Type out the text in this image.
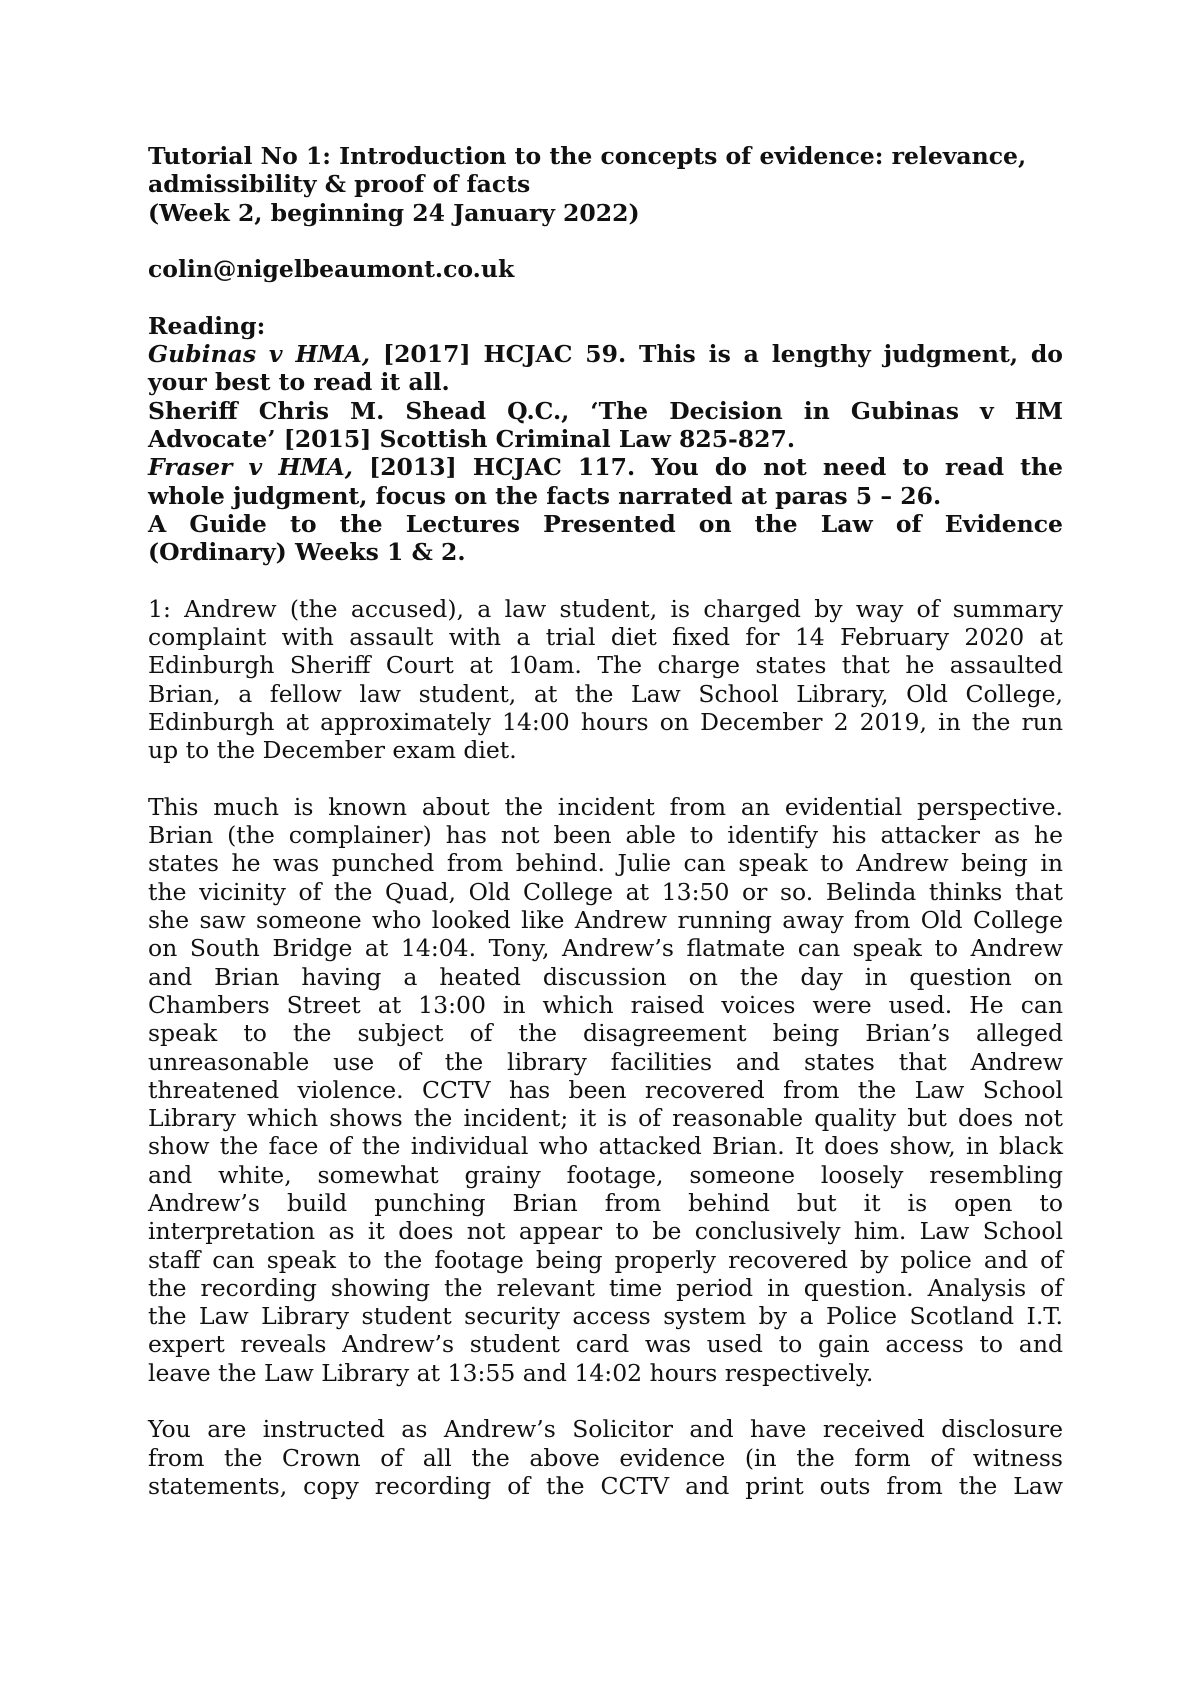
Tutorial No 1: Introduction to the concepts of evidence: relevance,
admissibility & proof of facts
(Week 2, beginning 24 January 2022)
colin@nigelbeaumont.co.uk
Reading:
Gubinas v HMA, [2017] HCJAC 59. This is a lengthy judgment, do
your best to read it all.
Sheriff Chris M. Shead Q.C., ‘The Decision in Gubinas v HM
Advocate’ [2015] Scottish Criminal Law 825-827.
Fraser v HMA, [2013] HCJAC 117. You do not need to read the
whole judgment, focus on the facts narrated at paras 5 – 26.
A Guide to the Lectures Presented on the Law of Evidence
(Ordinary) Weeks 1 & 2.
1: Andrew (the accused), a law student, is charged by way of summary
complaint with assault with a trial diet fixed for 14 February 2020 at
Edinburgh Sheriff Court at 10am. The charge states that he assaulted
Brian, a fellow law student, at the Law School Library, Old College,
Edinburgh at approximately 14:00 hours on December 2 2019, in the run
up to the December exam diet.
This much is known about the incident from an evidential perspective.
Brian (the complainer) has not been able to identify his attacker as he
states he was punched from behind. Julie can speak to Andrew being in
the vicinity of the Quad, Old College at 13:50 or so. Belinda thinks that
she saw someone who looked like Andrew running away from Old College
on South Bridge at 14:04. Tony, Andrew’s flatmate can speak to Andrew
and Brian having a heated discussion on the day in question on
Chambers Street at 13:00 in which raised voices were used. He can
speak to the subject of the disagreement being Brian’s alleged
unreasonable use of the library facilities and states that Andrew
threatened violence. CCTV has been recovered from the Law School
Library which shows the incident; it is of reasonable quality but does not
show the face of the individual who attacked Brian. It does show, in black
and white, somewhat grainy footage, someone loosely resembling
Andrew’s build punching Brian from behind but it is open to
interpretation as it does not appear to be conclusively him. Law School
staff can speak to the footage being properly recovered by police and of
the recording showing the relevant time period in question. Analysis of
the Law Library student security access system by a Police Scotland I.T.
expert reveals Andrew’s student card was used to gain access to and
leave the Law Library at 13:55 and 14:02 hours respectively.
You are instructed as Andrew’s Solicitor and have received disclosure
from the Crown of all the above evidence (in the form of witness
statements, copy recording of the CCTV and print outs from the Law
